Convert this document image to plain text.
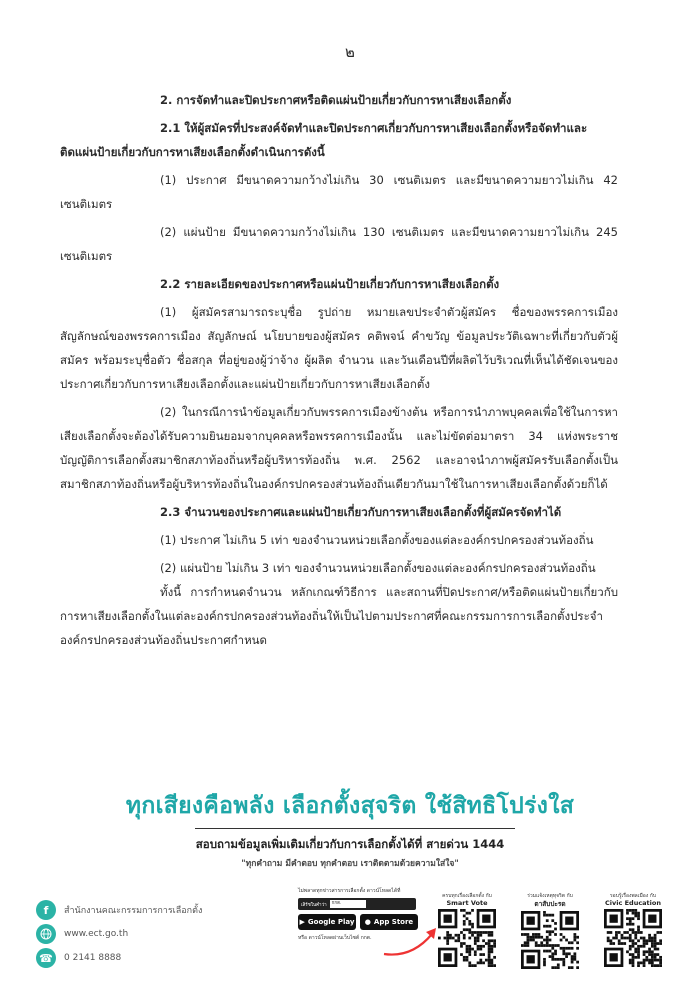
๒

2. การจัดทำและปิดประกาศหรือติดแผ่นป้ายเกี่ยวกับการหาเสียงเลือกตั้ง

2.1 ให้ผู้สมัครที่ประสงค์จัดทำและปิดประกาศเกี่ยวกับการหาเสียงเลือกตั้งหรือจัดทำและ

ติดแผ่นป้ายเกี่ยวกับการหาเสียงเลือกตั้งดำเนินการดังนี้

(1) ประกาศ มีขนาดความกว้างไม่เกิน 30 เซนติเมตร และมีขนาดความยาวไม่เกิน 42 เซนติเมตร

(2) แผ่นป้าย มีขนาดความกว้างไม่เกิน 130 เซนติเมตร และมีขนาดความยาวไม่เกิน 245 เซนติเมตร

2.2 รายละเอียดของประกาศหรือแผ่นป้ายเกี่ยวกับการหาเสียงเลือกตั้ง

(1) ผู้สมัครสามารถระบุชื่อ รูปถ่าย หมายเลขประจำตัวผู้สมัคร ชื่อของพรรคการเมือง สัญลักษณ์ของพรรคการเมือง สัญลักษณ์ นโยบายของผู้สมัคร คติพจน์ คำขวัญ ข้อมูลประวัติเฉพาะที่เกี่ยวกับตัวผู้สมัคร พร้อมระบุชื่อตัว ชื่อสกุล ที่อยู่ของผู้ว่าจ้าง ผู้ผลิต จำนวน และวันเดือนปีที่ผลิตไว้บริเวณที่เห็นได้ชัดเจนของประกาศเกี่ยวกับการหาเสียงเลือกตั้งและแผ่นป้ายเกี่ยวกับการหาเสียงเลือกตั้ง

(2) ในกรณีการนำข้อมูลเกี่ยวกับพรรคการเมืองข้างต้น หรือการนำภาพบุคคลเพื่อใช้ในการหาเสียงเลือกตั้งจะต้องได้รับความยินยอมจากบุคคลหรือพรรคการเมืองนั้น และไม่ขัดต่อมาตรา 34 แห่งพระราชบัญญัติการเลือกตั้งสมาชิกสภาท้องถิ่นหรือผู้บริหารท้องถิ่น พ.ศ. 2562 และอาจนำภาพผู้สมัครรับเลือกตั้งเป็นสมาชิกสภาท้องถิ่นหรือผู้บริหารท้องถิ่นในองค์กรปกครองส่วนท้องถิ่นเดียวกันมาใช้ในการหาเสียงเลือกตั้งด้วยก็ได้

2.3 จำนวนของประกาศและแผ่นป้ายเกี่ยวกับการหาเสียงเลือกตั้งที่ผู้สมัครจัดทำได้

(1) ประกาศ ไม่เกิน 5 เท่า ของจำนวนหน่วยเลือกตั้งของแต่ละองค์กรปกครองส่วนท้องถิ่น

(2) แผ่นป้าย ไม่เกิน 3 เท่า ของจำนวนหน่วยเลือกตั้งของแต่ละองค์กรปกครองส่วนท้องถิ่น

ทั้งนี้ การกำหนดจำนวน หลักเกณฑ์วิธีการ และสถานที่ปิดประกาศ/หรือติดแผ่นป้ายเกี่ยวกับการหาเสียงเลือกตั้งในแต่ละองค์กรปกครองส่วนท้องถิ่นให้เป็นไปตามประกาศที่คณะกรรมการการเลือกตั้งประจำองค์กรปกครองส่วนท้องถิ่นประกาศกำหนด

ทุกเสียงคือพลัง เลือกตั้งสุจริต ใช้สิทธิโปร่งใส
สอบถามข้อมูลเพิ่มเติมเกี่ยวกับการเลือกตั้งได้ที่ สายด่วน 1444
"ทุกคำถาม มีคำตอบ ทุกคำตอบ เราติดตามด้วยความใส่ใจ"
f	สำนักงานคณะกรรมการการเลือกตั้ง
www.ect.go.th
☎	0 2141 8888
ไม่พลาดทุกข่าวสารการเลือกตั้ง ดาวน์โหลดได้ที่
เสิร์ชในคำว่า	กกต.
▶ Google Play ● App Store
หรือ ดาวน์โหลดผ่านเว็บไซต์ กกต.
ครบทุกเรื่องเลือกตั้ง กับ
Smart Vote
ร่วมแจ้งเหตุทุจริต กับ
ตาสับปะรด
รอบรู้เรื่องพลเมือง กับ
Civic Education
